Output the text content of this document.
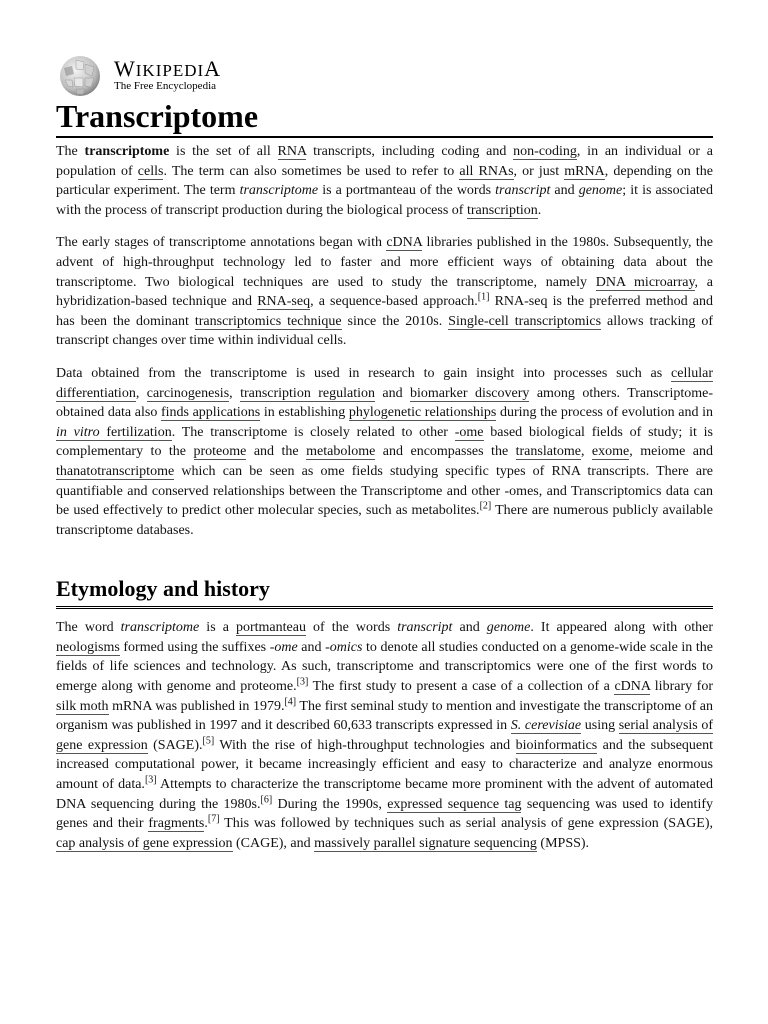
WIKIPEDIA
The Free Encyclopedia
Transcriptome

The transcriptome is the set of all RNA transcripts, including coding and non-coding, in an individual or a population of cells. The term can also sometimes be used to refer to all RNAs, or just mRNA, depending on the particular experiment. The term transcriptome is a portmanteau of the words transcript and genome; it is associated with the process of transcript production during the biological process of transcription.

The early stages of transcriptome annotations began with cDNA libraries published in the 1980s. Subsequently, the advent of high-throughput technology led to faster and more efficient ways of obtaining data about the transcriptome. Two biological techniques are used to study the transcriptome, namely DNA microarray, a hybridization-based technique and RNA-seq, a sequence-based approach.[1] RNA-seq is the preferred method and has been the dominant transcriptomics technique since the 2010s. Single-cell transcriptomics allows tracking of transcript changes over time within individual cells.

Data obtained from the transcriptome is used in research to gain insight into processes such as cellular differentiation, carcinogenesis, transcription regulation and biomarker discovery among others. Transcriptome-obtained data also finds applications in establishing phylogenetic relationships during the process of evolution and in in vitro fertilization. The transcriptome is closely related to other -ome based biological fields of study; it is complementary to the proteome and the metabolome and encompasses the translatome, exome, meiome and thanatotranscriptome which can be seen as ome fields studying specific types of RNA transcripts. There are quantifiable and conserved relationships between the Transcriptome and other -omes, and Transcriptomics data can be used effectively to predict other molecular species, such as metabolites.[2] There are numerous publicly available transcriptome databases.

Etymology and history

The word transcriptome is a portmanteau of the words transcript and genome. It appeared along with other neologisms formed using the suffixes -ome and -omics to denote all studies conducted on a genome-wide scale in the fields of life sciences and technology. As such, transcriptome and transcriptomics were one of the first words to emerge along with genome and proteome.[3] The first study to present a case of a collection of a cDNA library for silk moth mRNA was published in 1979.[4] The first seminal study to mention and investigate the transcriptome of an organism was published in 1997 and it described 60,633 transcripts expressed in S. cerevisiae using serial analysis of gene expression (SAGE).[5] With the rise of high-throughput technologies and bioinformatics and the subsequent increased computational power, it became increasingly efficient and easy to characterize and analyze enormous amount of data.[3] Attempts to characterize the transcriptome became more prominent with the advent of automated DNA sequencing during the 1980s.[6] During the 1990s, expressed sequence tag sequencing was used to identify genes and their fragments.[7] This was followed by techniques such as serial analysis of gene expression (SAGE), cap analysis of gene expression (CAGE), and massively parallel signature sequencing (MPSS).
